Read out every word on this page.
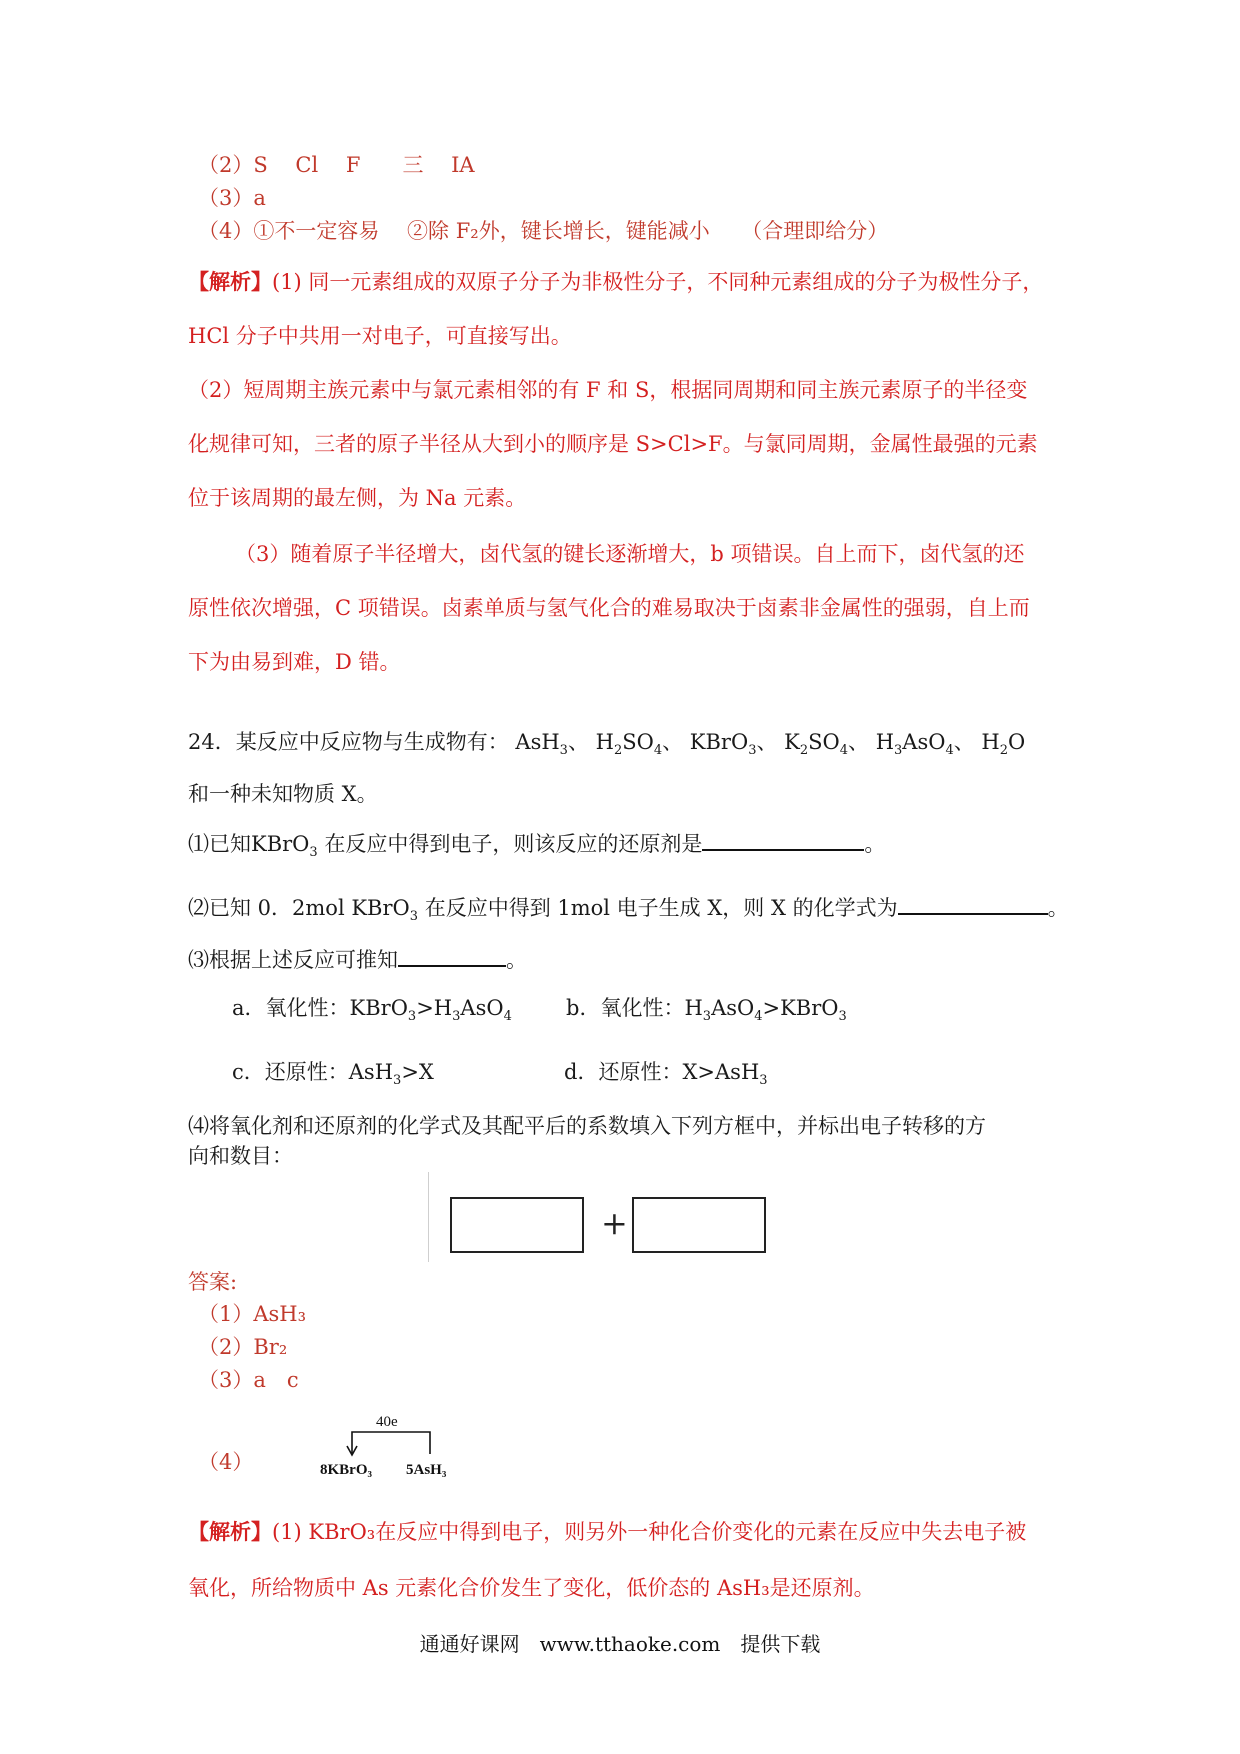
（2）S　 Cl　 F　　三　 IA
（3）a
（4）①不一定容易　 ②除 F₂外，键长增长，键能减小　　（合理即给分）
【解析】(1) 同一元素组成的双原子分子为非极性分子，不同种元素组成的分子为极性分子，
HCl 分子中共用一对电子，可直接写出。
（2）短周期主族元素中与氯元素相邻的有 F 和 S，根据同周期和同主族元素原子的半径变
化规律可知，三者的原子半径从大到小的顺序是 S>Cl>F。与氯同周期，金属性最强的元素
位于该周期的最左侧，为 Na 元素。
（3）随着原子半径增大，卤代氢的键长逐渐增大，b 项错误。自上而下，卤代氢的还
原性依次增强，C 项错误。卤素单质与氢气化合的难易取决于卤素非金属性的强弱，自上而
下为由易到难，D 错。
24．某反应中反应物与生成物有： AsH$_3$、 $H_2SO_4$、 KBrO$_3$、 $K_2SO_4$、 $H_3AsO_4$、 $H_2O$
和一种未知物质 X。
⑴已知KBrO$_3$ 在反应中得到电子，则该反应的还原剂是	。
⑵已知 0．2mol KBrO$_3$ 在反应中得到 1mol 电子生成 X，则 X 的化学式为	。
⑶根据上述反应可推知	。
a．氧化性：$KBrO_3>H_3AsO_4$	b．氧化性：$H_3AsO_4>KBrO_3$
c．还原性：AsH$_3$>X	d．还原性：X>AsH$_3$
⑷将氧化剂和还原剂的化学式及其配平后的系数填入下列方框中，并标出电子转移的方
向和数目：
+
答案:
（1）AsH₃
（2）Br₂
（3）a　c
（4）
40e
8KBrO₃ 5AsH₃
【解析】(1) KBrO₃在反应中得到电子，则另外一种化合价变化的元素在反应中失去电子被
氧化，所给物质中 As 元素化合价发生了变化，低价态的 AsH₃是还原剂。
通通好课网　www.tthaoke.com　提供下载
